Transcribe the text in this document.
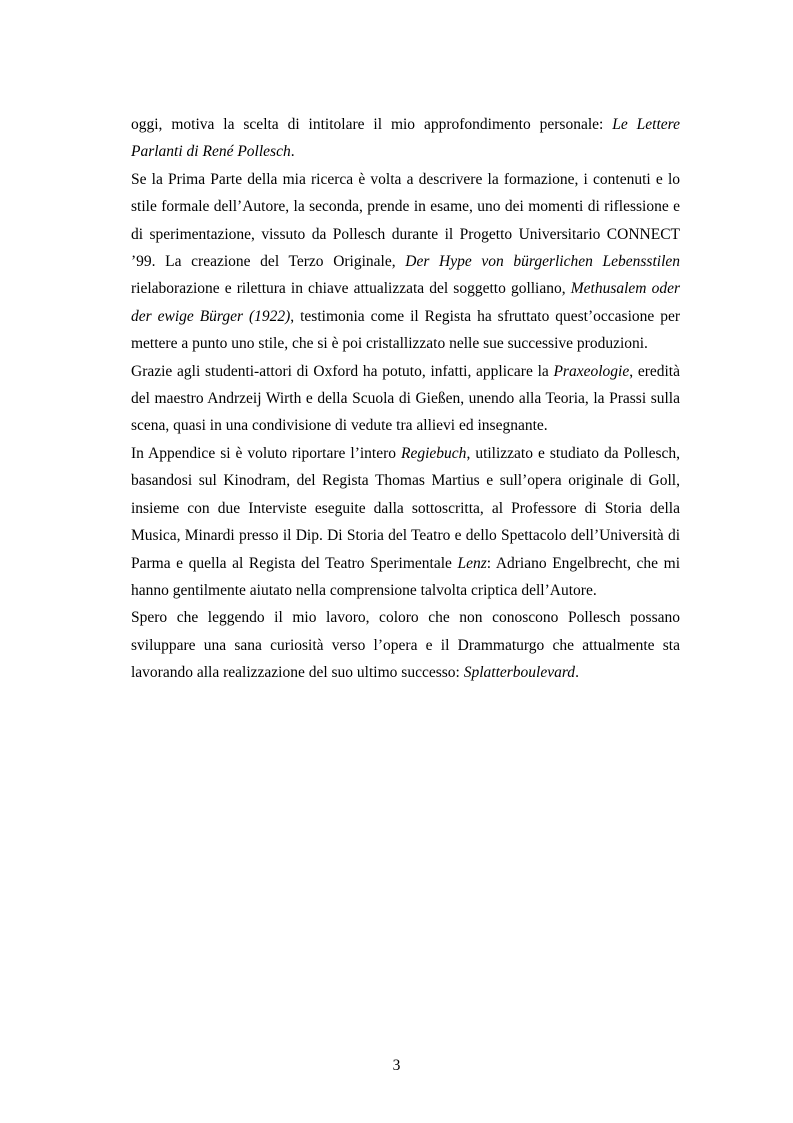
oggi, motiva la scelta di intitolare il mio approfondimento personale: Le Lettere Parlanti di René Pollesch.

Se la Prima Parte della mia ricerca è volta a descrivere la formazione, i contenuti e lo stile formale dell’Autore, la seconda, prende in esame, uno dei momenti di riflessione e di sperimentazione, vissuto da Pollesch durante il Progetto Universitario CONNECT ’99. La creazione del Terzo Originale, Der Hype von bürgerlichen Lebensstilen rielaborazione e rilettura in chiave attualizzata del soggetto golliano, Methusalem oder der ewige Bürger (1922), testimonia come il Regista ha sfruttato quest’occasione per mettere a punto uno stile, che si è poi cristallizzato nelle sue successive produzioni.

Grazie agli studenti-attori di Oxford ha potuto, infatti, applicare la Praxeologie, eredità del maestro Andrzeij Wirth e della Scuola di Gießen, unendo alla Teoria, la Prassi sulla scena, quasi in una condivisione di vedute tra allievi ed insegnante.

In Appendice si è voluto riportare l’intero Regiebuch, utilizzato e studiato da Pollesch, basandosi sul Kinodram, del Regista Thomas Martius e sull’opera originale di Goll, insieme con due Interviste eseguite dalla sottoscritta, al Professore di Storia della Musica, Minardi presso il Dip. Di Storia del Teatro e dello Spettacolo dell’Università di Parma e quella al Regista del Teatro Sperimentale Lenz: Adriano Engelbrecht, che mi hanno gentilmente aiutato nella comprensione talvolta criptica dell’Autore.

Spero che leggendo il mio lavoro, coloro che non conoscono Pollesch possano sviluppare una sana curiosità verso l’opera e il Drammaturgo che attualmente sta lavorando alla realizzazione del suo ultimo successo: Splatterboulevard.

3
